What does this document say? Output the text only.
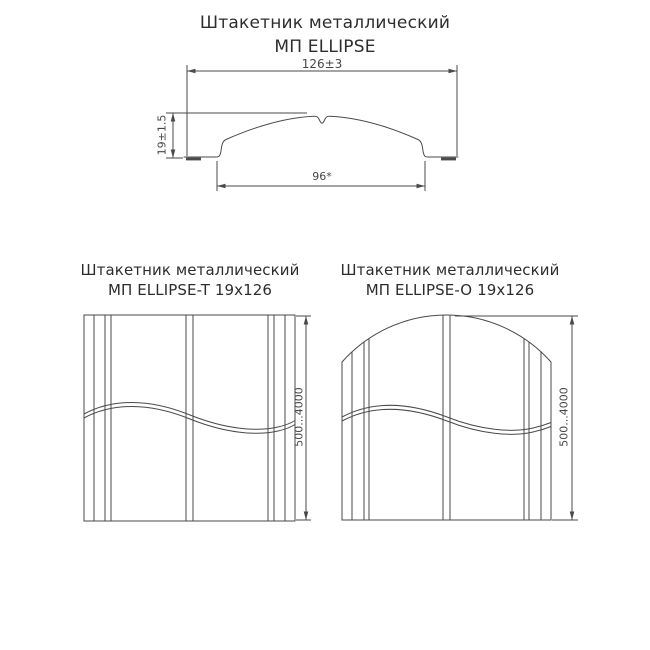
Штакетник металлический
МП ELLIPSE
126±3
19±1.5
96*
Штакетник металлический
МП ELLIPSE-T 19x126
500...4000
Штакетник металлический
МП ELLIPSE-O 19x126
500...4000
